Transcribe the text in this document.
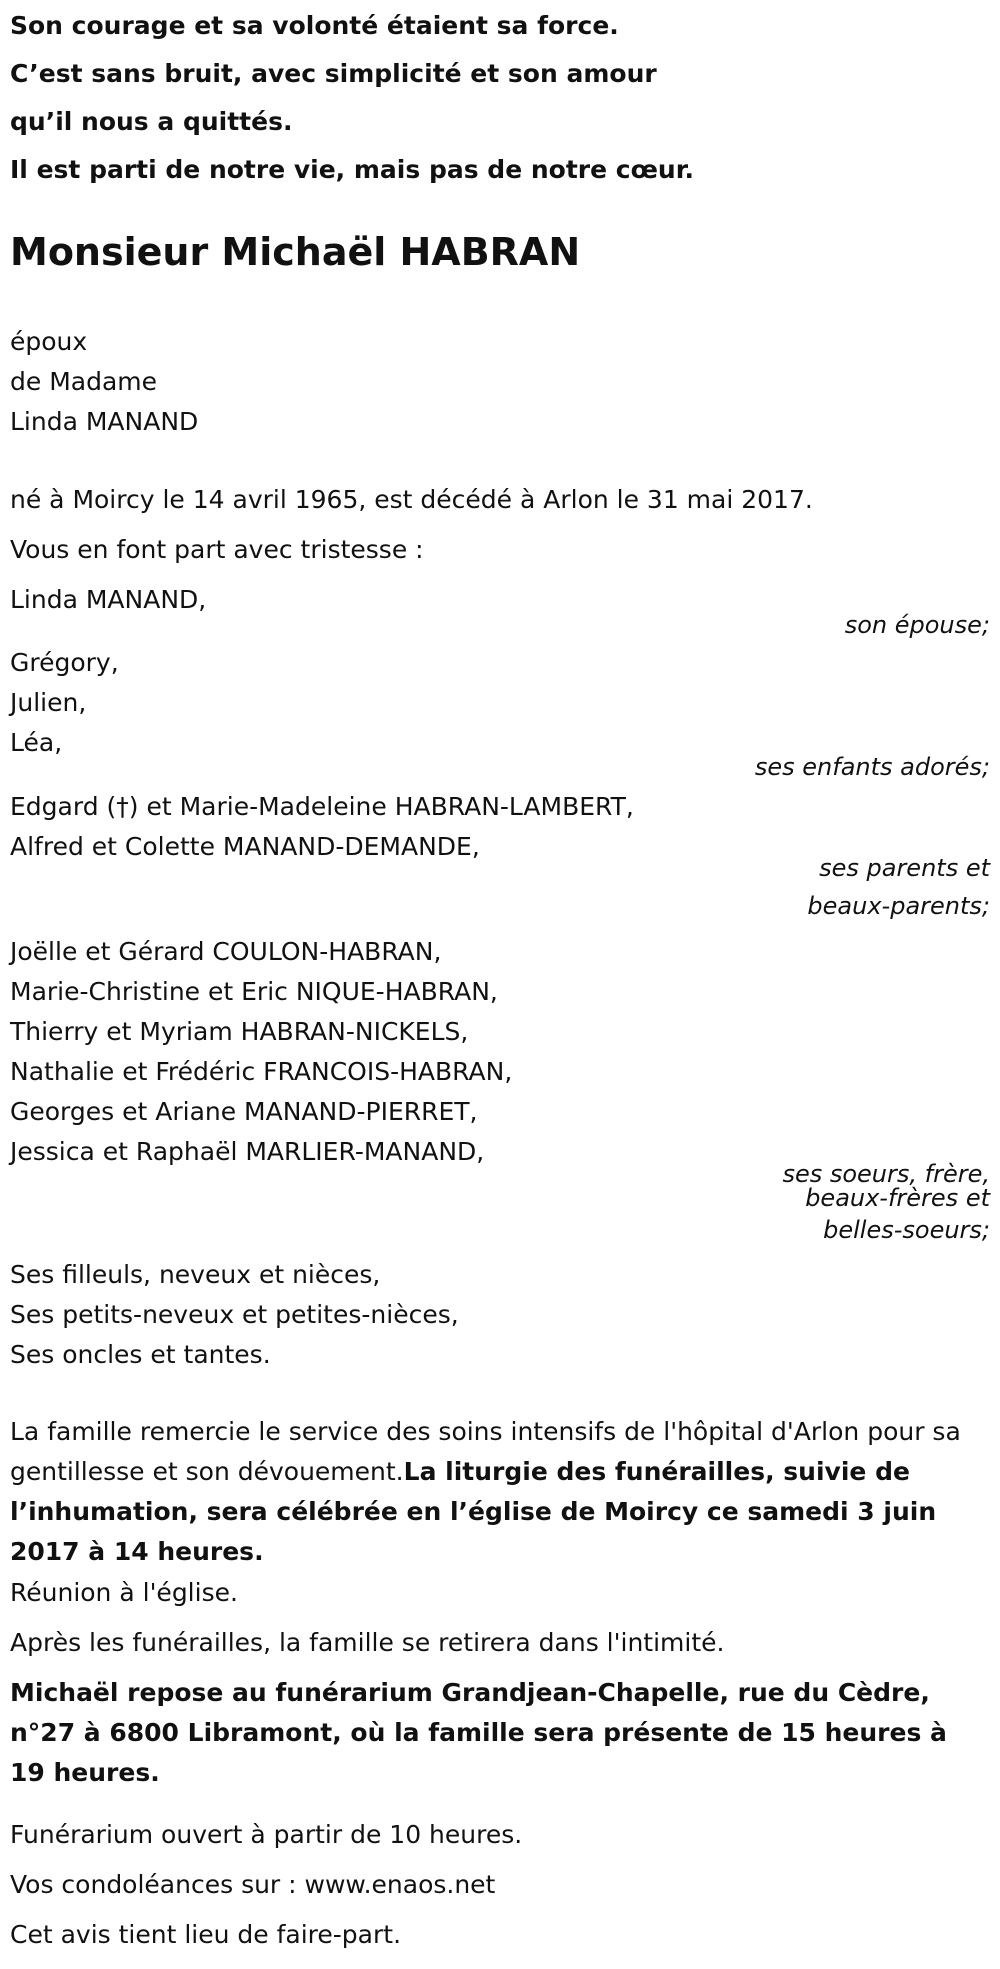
Son courage et sa volonté étaient sa force.
C’est sans bruit, avec simplicité et son amour
qu’il nous a quittés.
Il est parti de notre vie, mais pas de notre cœur.
Monsieur Michaël HABRAN
époux
de Madame
Linda MANAND
né à Moircy le 14 avril 1965, est décédé à Arlon le 31 mai 2017.
Vous en font part avec tristesse :
Linda MANAND,
son épouse;
Grégory,
Julien,
Léa,
ses enfants adorés;
Edgard (†) et Marie-Madeleine HABRAN-LAMBERT,
Alfred et Colette MANAND-DEMANDE,
ses parents et
beaux-parents;
Joëlle et Gérard COULON-HABRAN,
Marie-Christine et Eric NIQUE-HABRAN,
Thierry et Myriam HABRAN-NICKELS,
Nathalie et Frédéric FRANCOIS-HABRAN,
Georges et Ariane MANAND-PIERRET,
Jessica et Raphaël MARLIER-MANAND,
ses soeurs, frère,
beaux-frères et
belles-soeurs;
Ses filleuls, neveux et nièces,
Ses petits-neveux et petites-nièces,
Ses oncles et tantes.
La famille remercie le service des soins intensifs de l'hôpital d'Arlon pour sa gentillesse et son dévouement.La liturgie des funérailles, suivie de l’inhumation, sera célébrée en l’église de Moircy ce samedi 3 juin 2017 à 14 heures.
Réunion à l'église.
Après les funérailles, la famille se retirera dans l'intimité.
Michaël repose au funérarium Grandjean-Chapelle, rue du Cèdre, n°27 à 6800 Libramont, où la famille sera présente de 15 heures à 19 heures.
Funérarium ouvert à partir de 10 heures.
Vos condoléances sur : www.enaos.net
Cet avis tient lieu de faire-part.
